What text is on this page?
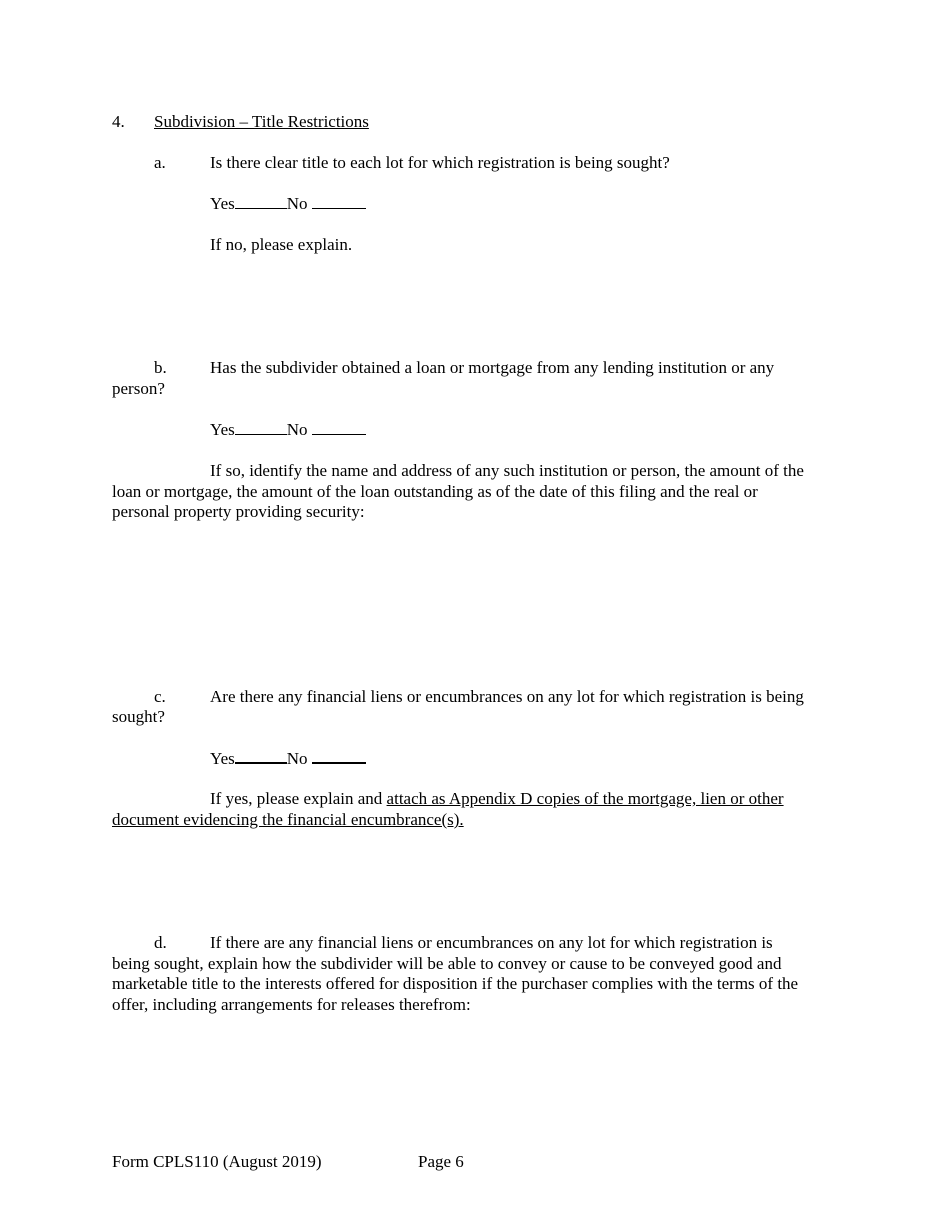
4. Subdivision – Title Restrictions
a.	Is there clear title to each lot for which registration is being sought?
Yes	No
If no, please explain.
b.	Has the subdivider obtained a loan or mortgage from any lending institution or any
person?
Yes	No
If so, identify the name and address of any such institution or person, the amount of the
loan or mortgage, the amount of the loan outstanding as of the date of this filing and the real or
personal property providing security:
c.	Are there any financial liens or encumbrances on any lot for which registration is being
sought?
Yes	No
If yes, please explain and attach as Appendix D copies of the mortgage, lien or other
document evidencing the financial encumbrance(s).
d.	If there are any financial liens or encumbrances on any lot for which registration is
being sought, explain how the subdivider will be able to convey or cause to be conveyed good and
marketable title to the interests offered for disposition if the purchaser complies with the terms of the
offer, including arrangements for releases therefrom:
Form CPLS110 (August 2019)	Page 6
